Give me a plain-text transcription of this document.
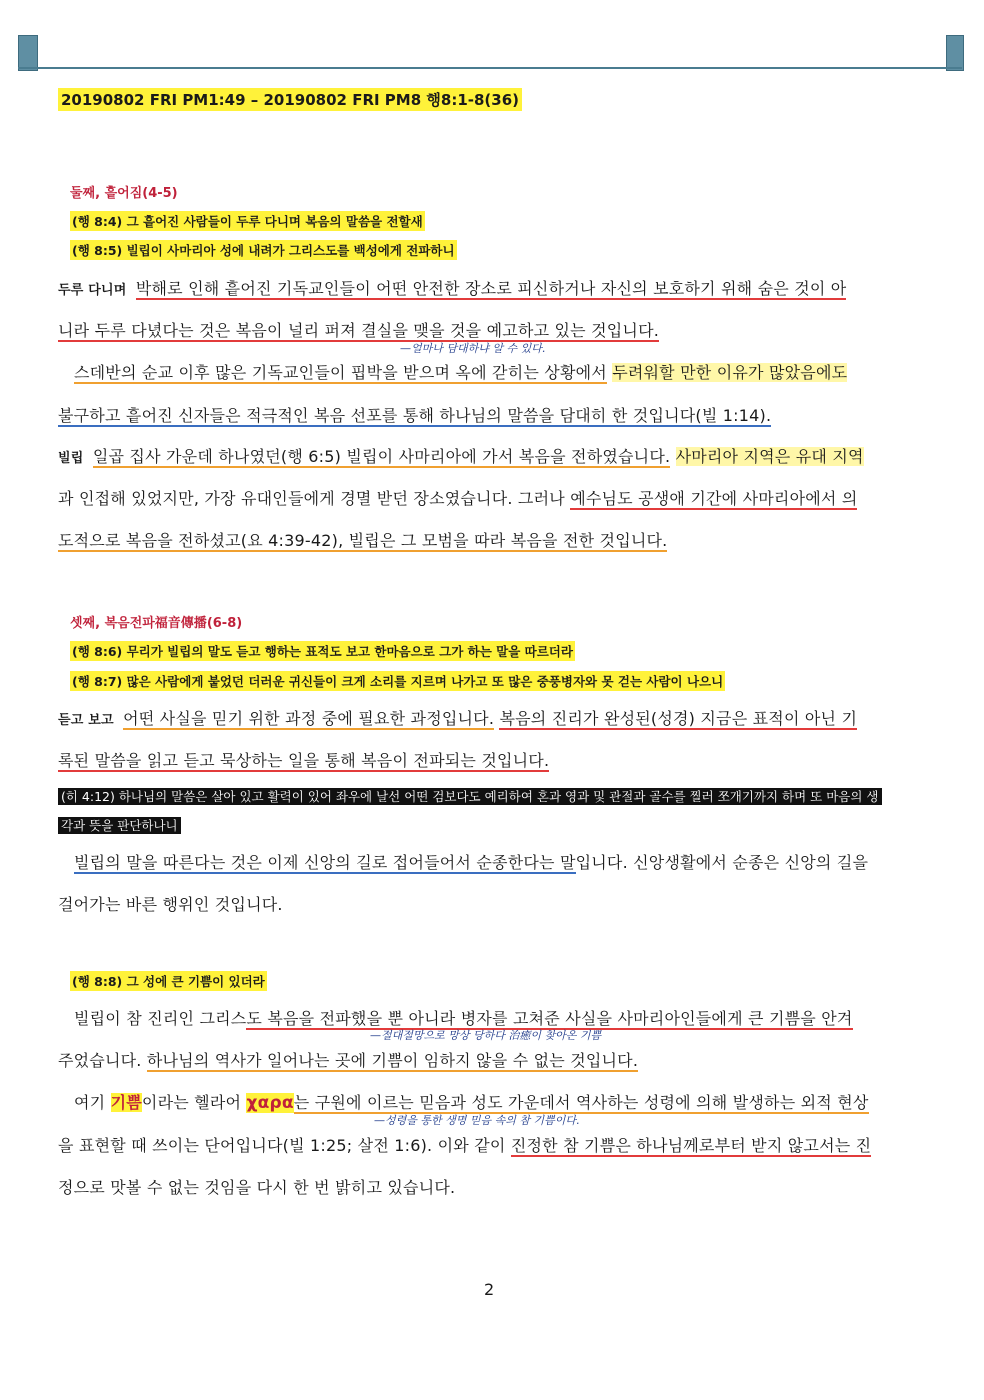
20190802 FRI PM1:49 – 20190802 FRI PM8 행8:1-8(36)
둘째, 흩어짐(4-5)
(행 8:4) 그 흩어진 사람들이 두루 다니며 복음의 말씀을 전할새
(행 8:5) 빌립이 사마리아 성에 내려가 그리스도를 백성에게 전파하니
두루 다니며 박해로 인해 흩어진 기독교인들이 어떤 안전한 장소로 피신하거나 자신의 보호하기 위해 숨은 것이 아
니라 두루 다녔다는 것은 복음이 널리 퍼져 결실을 맺을 것을 예고하고 있는 것입니다.
—얼마나 담대하냐 알 수 있다.
스데반의 순교 이후 많은 기독교인들이 핍박을 받으며 옥에 갇히는 상황에서 두려워할 만한 이유가 많았음에도
불구하고 흩어진 신자들은 적극적인 복음 선포를 통해 하나님의 말씀을 담대히 한 것입니다(빌 1:14).
빌립 일곱 집사 가운데 하나였던(행 6:5) 빌립이 사마리아에 가서 복음을 전하였습니다. 사마리아 지역은 유대 지역
과 인접해 있었지만, 가장 유대인들에게 경멸 받던 장소였습니다. 그러나 예수님도 공생애 기간에 사마리아에서 의
도적으로 복음을 전하셨고(요 4:39-42), 빌립은 그 모범을 따라 복음을 전한 것입니다.
셋째, 복음전파福音傳播(6-8)
(행 8:6) 무리가 빌립의 말도 듣고 행하는 표적도 보고 한마음으로 그가 하는 말을 따르더라
(행 8:7) 많은 사람에게 붙었던 더러운 귀신들이 크게 소리를 지르며 나가고 또 많은 중풍병자와 못 걷는 사람이 나으니
듣고 보고 어떤 사실을 믿기 위한 과정 중에 필요한 과정입니다. 복음의 진리가 완성된(성경) 지금은 표적이 아닌 기
록된 말씀을 읽고 듣고 묵상하는 일을 통해 복음이 전파되는 것입니다.
(히 4:12) 하나님의 말씀은 살아 있고 활력이 있어 좌우에 날선 어떤 검보다도 예리하여 혼과 영과 및 관절과 골수를 찔러 쪼개기까지 하며 또 마음의 생
각과 뜻을 판단하나니
빌립의 말을 따른다는 것은 이제 신앙의 길로 접어들어서 순종한다는 말입니다. 신앙생활에서 순종은 신앙의 길을
걸어가는 바른 행위인 것입니다.
(행 8:8) 그 성에 큰 기쁨이 있더라
빌립이 참 진리인 그리스도 복음을 전파했을 뿐 아니라 병자를 고쳐준 사실을 사마리아인들에게 큰 기쁨을 안겨
—절대절망으로 망상 당하다 治癒이 찾아온 기쁨
주었습니다. 하나님의 역사가 일어나는 곳에 기쁨이 임하지 않을 수 없는 것입니다.
여기 기쁨이라는 헬라어 χαρα는 구원에 이르는 믿음과 성도 가운데서 역사하는 성령에 의해 발생하는 외적 현상
—성령을 통한 생명 믿음 속의 참 기쁨이다.
을 표현할 때 쓰이는 단어입니다(빌 1:25; 살전 1:6). 이와 같이 진정한 참 기쁨은 하나님께로부터 받지 않고서는 진
정으로 맛볼 수 없는 것임을 다시 한 번 밝히고 있습니다.
2
